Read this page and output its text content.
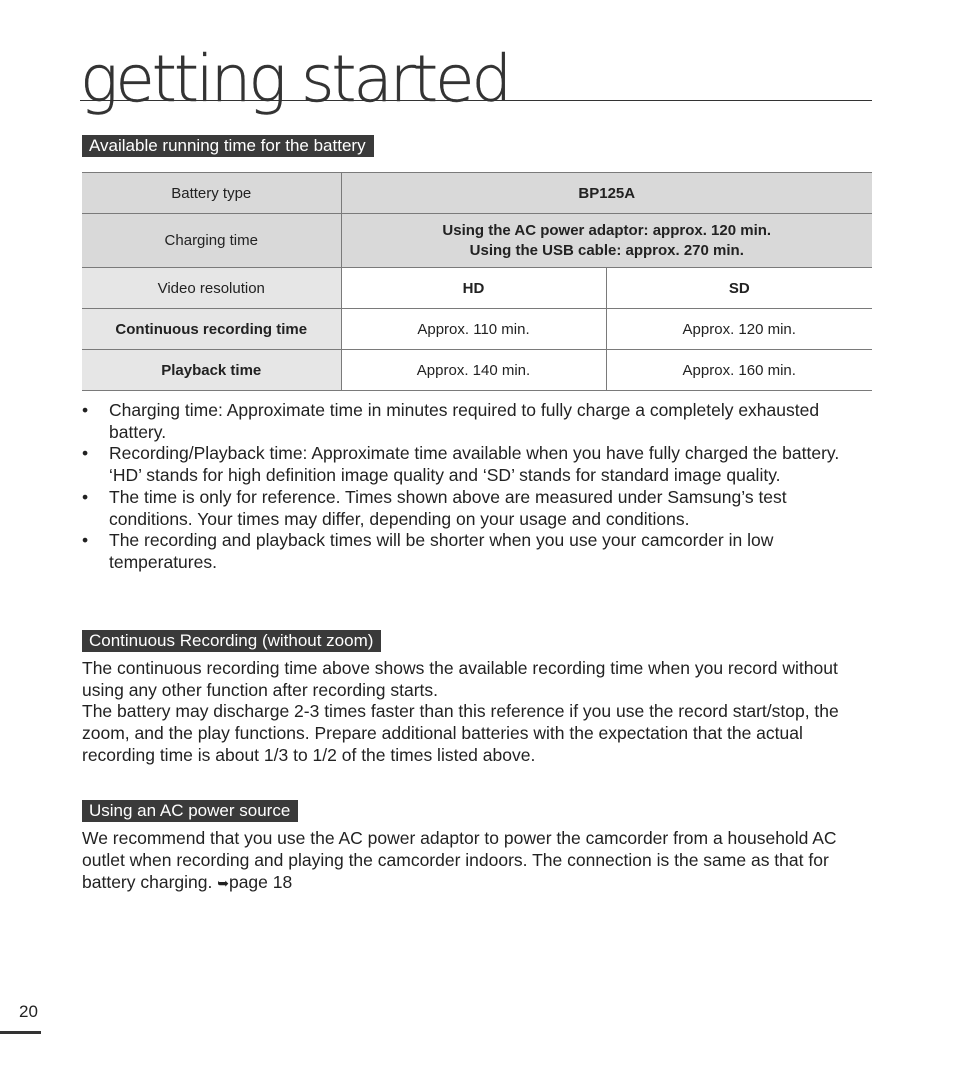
getting started
Available running time for the battery
Battery type	BP125A	
Charging time	Using the AC power adaptor: approx. 120 min.
Using the USB cable: approx. 270 min.	

Video resolution	HD	SD
Continuous recording time	Approx. 110 min.	Approx. 120 min.
Playback time	Approx. 140 min.	Approx. 160 min.
• Charging time: Approximate time in minutes required to fully charge a completely exhausted battery.
• Recording/Playback time: Approximate time available when you have fully charged the battery.
‘HD’ stands for high definition image quality and ‘SD’ stands for standard image quality.
• The time is only for reference. Times shown above are measured under Samsung’s test conditions. Your times may differ, depending on your usage and conditions.
• The recording and playback times will be shorter when you use your camcorder in low temperatures.
Continuous Recording (without zoom)

The continuous recording time above shows the available recording time when you record without using any other function after recording starts.

The battery may discharge 2-3 times faster than this reference if you use the record start/stop, the zoom, and the play functions. Prepare additional batteries with the expectation that the actual recording time is about 1/3 to 1/2 of the times listed above.

Using an AC power source

We recommend that you use the AC power adaptor to power the camcorder from a household AC outlet when recording and playing the camcorder indoors. The connection is the same as that for battery charging. ➥page 18

20
